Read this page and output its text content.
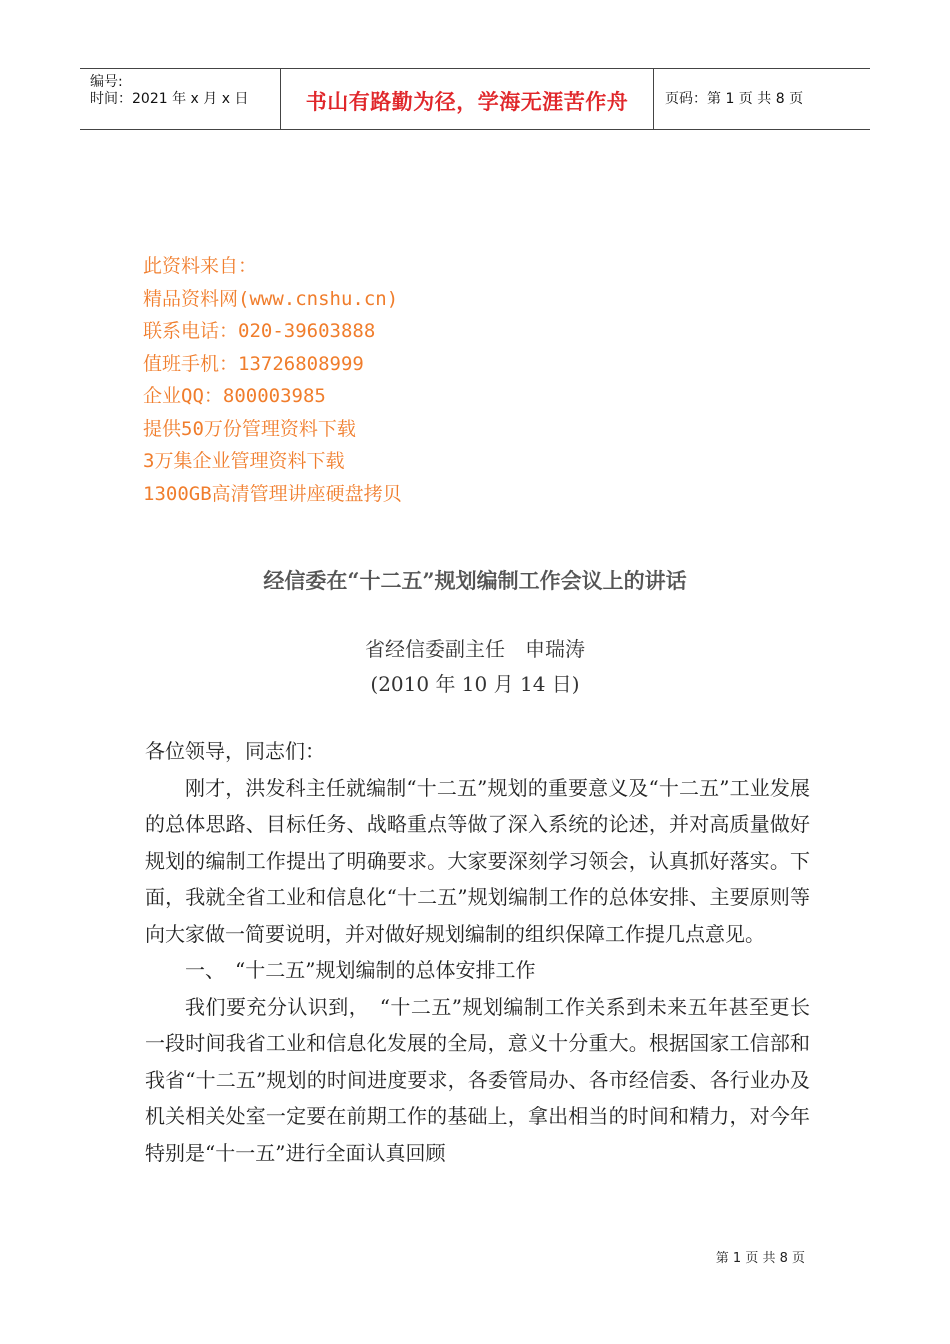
编号:
时间：2021 年 x 月 x 日	书山有路勤为径，学海无涯苦作舟	页码：第 1 页 共 8 页
此资料来自：
精品资料网(www.cnshu.cn)
联系电话：020-39603888
值班手机：13726808999
企业QQ：800003985
提供50万份管理资料下载
3万集企业管理资料下载
1300GB高清管理讲座硬盘拷贝
经信委在“十二五”规划编制工作会议上的讲话
省经信委副主任　申瑞涛
(2010 年 10 月 14 日)

各位领导，同志们：

刚才，洪发科主任就编制“十二五”规划的重要意义及“十二五”工业发展的总体思路、目标任务、战略重点等做了深入系统的论述，并对高质量做好规划的编制工作提出了明确要求。大家要深刻学习领会，认真抓好落实。下面，我就全省工业和信息化“十二五”规划编制工作的总体安排、主要原则等向大家做一简要说明，并对做好规划编制的组织保障工作提几点意见。

一、　“十二五”规划编制的总体安排工作

我们要充分认识到，　“十二五”规划编制工作关系到未来五年甚至更长一段时间我省工业和信息化发展的全局，意义十分重大。根据国家工信部和我省“十二五”规划的时间进度要求，各委管局办、各市经信委、各行业办及机关相关处室一定要在前期工作的基础上，拿出相当的时间和精力，对今年特别是“十一五”进行全面认真回顾

第 1 页 共 8 页
